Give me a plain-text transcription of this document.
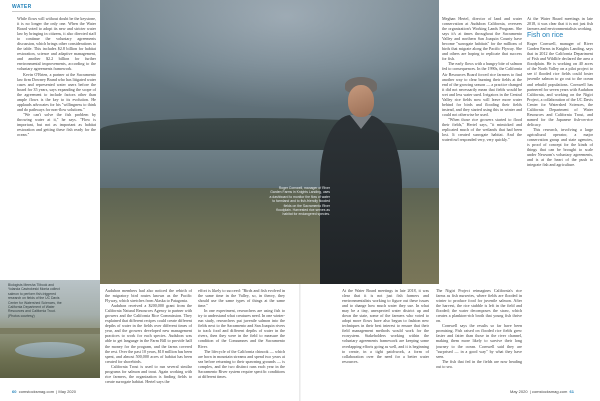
WATER

While flows will without doubt be the keystone, it is no longer the only one. When the Water Board voted to adopt its new and stricter water law by bringing in citizens, it also directed staff to continue the voluntary agreements discussion, which brings other considerations to the table. This includes $2.8 billion for habitat restoration, science and adaptive management, and another $2.2 billion for further environmental improvements, according to the voluntary agreements framework.

Kevin O'Brien, a partner at the Sacramento law firm Downey Brand who has litigated water cases and represented water users before the board for 35 years, says expanding the scope of the agreement to include factors other than ample flows is the key to its evolution. He applauds advocates for his "willingness to think and do pathways for non-flow solutions."

"We can't solve the fish problem by throwing water at it," he says. "Flow is important, but not as important as habitat restoration and getting these fish ready for the ocean."

Roger Cornwell, manager of River Garden Farms in Knights Landing, uses a dashboard to monitor the flow of water to farmland and to fish-friendly flooded fields on the Sacramento River floodplain. Harvested rice serves as habitat for endangered species.
Biologists Meesha Tlibook and Yolanda Castrokeski Monta collect salmon to perform fish-triggered research on fields of the UC Davis Center for Watershed Sciences, the California Department of Water Resources and California Trout. (Photos courtesy)

Audubon members had also noticed the rebirth of the migratory bird routes known as the Pacific Flyway, which stretches from Alaska to Patagonia.

Audubon received a $200,000 grant from the California Natural Resources Agency to partner with growers and the California Rice Commission. They explained that different recipes could create different depths of water in the fields over different times of year, and the growers developed new management practices to work for each species. Audubon was able to get language in the Farm Bill to provide half the money for the program, and the farms covered the rest. Over the past 10 years, $10 million has been spent, and almost 500,000 acres of habitat has been created for shorebirds.

California Trout is used to run several similar programs for salmon and trout. Again working with rice farmers, the organization is finding fields to create surrogate habitat. Hertel says the

effort is likely to succeed: "Birds and fish evolved in the same time in the Valley, so, in theory, they should use the same types of things at the same time."

In one experiment, researchers are using fish to try to understand what creatures need. In one winter-run study, researchers put juvenile salmon into the fields next to the Sacramento and San Joaquin rivers to track food and different depths of water in the rivers, then they were in the field to measure the condition of the Consumnes and the Sacramento River.

The lifecycle of the California chinook — which are born in mountain streams and spend two years at sea before returning to their spawning grounds — is complex, and the two distinct runs each year in the Sacramento River system require specific conditions at different times.

Meghan Hertel, director of land and water conservation at Audubon California, oversees the organization's Working Lands Program. She says it's at times throughout the Sacramento Valley and northern San Joaquin County have become "surrogate habitats" for the millions of birds that migrate along the Pacific Flyway. She and others are hoping to replicate that success for fish.

The early flows with a hungry bite of salmon fed to consequences. In the 1990s, the California Air Resources Board forced rice farmers to find another way to clear burning their fields at the end of the growing season — a practice changed it did not necessarily mean that fields would be wet and less water used. Irrigators in the Central Valley rice fields now will leave more water behind for birds and flooding their fields instead, and they started using this in winter and could not otherwise be used.

"When those rice growers started to flood their fields," Hertel says, "it mimicked and replicated much of the wetlands that had been lost. It created surrogate habitat. And the waterfowl responded very, very quickly."

At the Water Board meetings in late 2018, it was clear that it is not just fish farmers and environmentalists working to figure out these issues and to change how much water they use. In what may be a tiny, unexpected water district up and down the state, some of the farmers who voted to adopt more flows have also begun to fashion new techniques in their best interest to ensure that their field management methods would work for the ecosystem. Stakeholders working within the voluntary agreements framework are keeping some overlapping efforts going as well, and it is beginning to create, in a tight patchwork, a form of collaboration over the need for a better water resources.

At the Water Board meetings in late 2018, it was clear that it is not just fish farmers and environmentalists working.

Fish on rice

Roger Cornwell, manager of River Garden Farms in Knights Landing, says that in 2012 the California Department of Fish and Wildlife declared the area a floodplain. He is working on 40 acres of the North Valley on a pilot project to see if flooded rice fields could foster juvenile salmon to go out to the ocean and rebuild populations. Cornwell has partnered for seven years with Audubon California, and working on the Nigiri Project, a collaboration of the UC Davis Center for Watershed Sciences, the California Department of Water Resources and California Trout, and named for the Japanese fish-on-rice delicacy.

This research, involving a large agricultural operator, a major conservation group and state agencies, is proof of concept for the kinds of things that can be brought to scale under Newsom's voluntary agreements, and is at the heart of the push to integrate fish and agriculture.

The Nigiri Project reimagines California's rice farms as fish nurseries, where fields are flooded in winter to produce food for juvenile salmon. After the harvest, the rice stubble is left in the field and flooded; the water decomposes the straw, which creates a plankton-rich broth that young fish thrive on.

Cornwell says the results so far have been promising. Fish raised on flooded rice fields grew faster and fatter than those in the river channel, making them more likely to survive their long journey to the ocean. Cornwell said they are "surprised — in a good way" by what they have seen.

The fish that fed in the fields are now heading out to sea.

60 comstocksmag.com  | May 2020	May 2020  | comstocksmag.com 61
